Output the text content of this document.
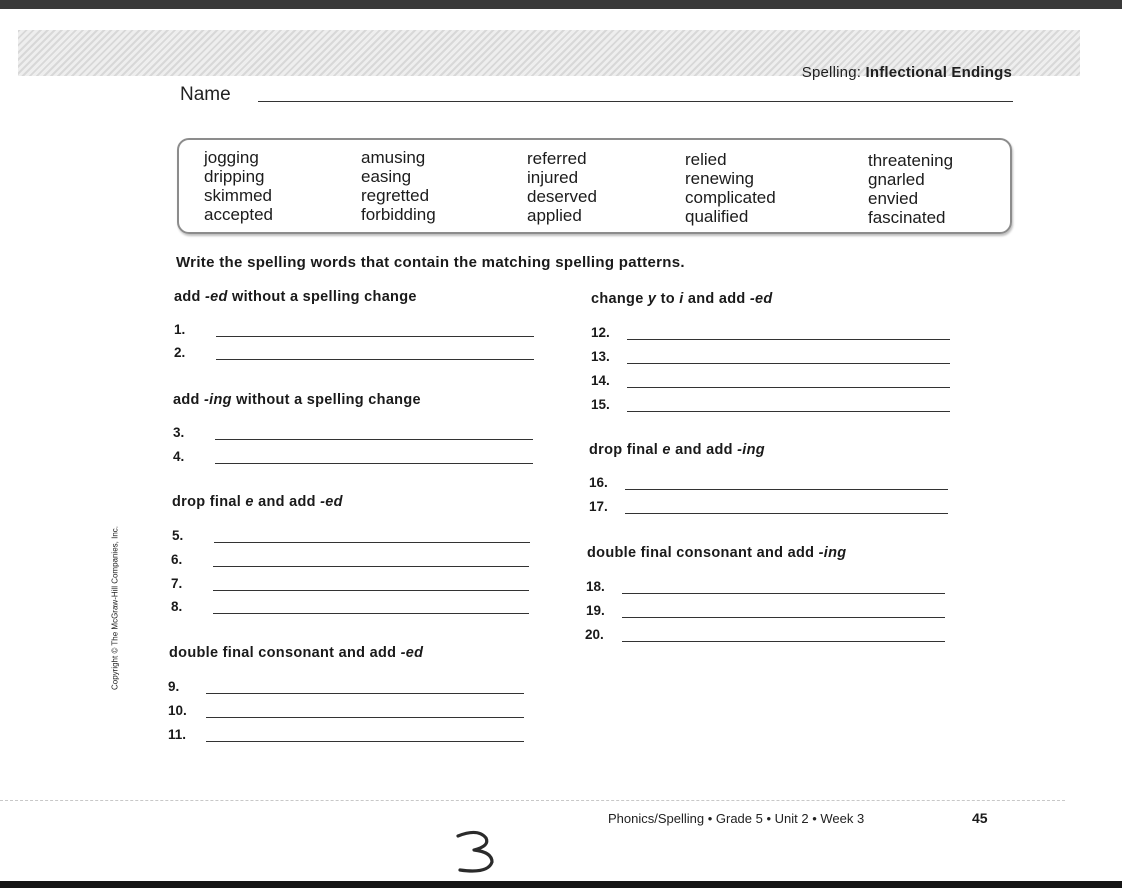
Spelling: Inflectional Endings
Name
jogging
dripping
skimmed
accepted
amusing
easing
regretted
forbidding
referred
injured
deserved
applied
relied
renewing
complicated
qualified
threatening
gnarled
envied
fascinated
Write the spelling words that contain the matching spelling patterns.
add -ed without a spelling change
1.
2.
add -ing without a spelling change
3.
4.
drop final e and add -ed
5.
6.
7.
8.
double final consonant and add -ed
9.
10.
11.
change y to i and add -ed
12.
13.
14.
15.
drop final e and add -ing
16.
17.
double final consonant and add -ing
18.
19.
20.
Copyright © The McGraw-Hill Companies, Inc.
Phonics/Spelling • Grade 5 • Unit 2 • Week 3	45
